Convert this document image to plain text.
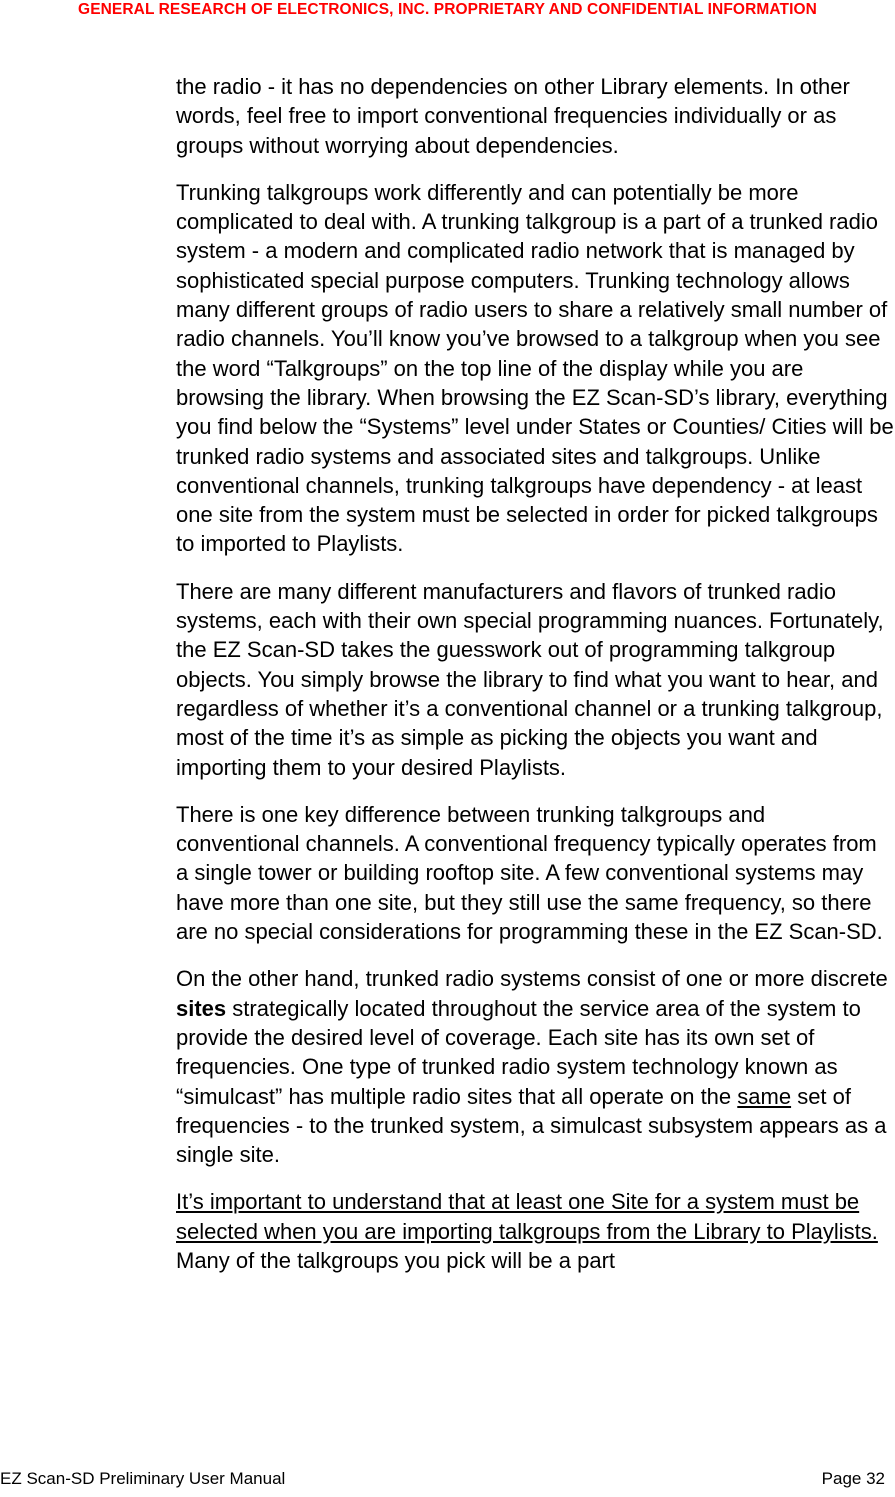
GENERAL RESEARCH OF ELECTRONICS, INC. PROPRIETARY AND CONFIDENTIAL INFORMATION

the radio - it has no dependencies on other Library elements. In other words, feel free to import conventional frequencies individually or as groups without worrying about dependencies.

Trunking talkgroups work differently and can potentially be more complicated to deal with. A trunking talkgroup is a part of a trunked radio system - a modern and complicated radio network that is managed by sophisticated special purpose computers. Trunking technology allows many different groups of radio users to share a relatively small number of radio channels. You’ll know you’ve browsed to a talkgroup when you see the word “Talkgroups” on the top line of the display while you are browsing the library. When browsing the EZ Scan-SD’s library, everything you find below the “Systems” level under States or Counties/ Cities will be trunked radio systems and associated sites and talkgroups. Unlike conventional channels, trunking talkgroups have dependency - at least one site from the system must be selected in order for picked talkgroups to imported to Playlists.

There are many different manufacturers and flavors of trunked radio systems, each with their own special programming nuances. Fortunately, the EZ Scan-SD takes the guesswork out of programming talkgroup objects. You simply browse the library to find what you want to hear, and regardless of whether it’s a conventional channel or a trunking talkgroup, most of the time it’s as simple as picking the objects you want and importing them to your desired Playlists.

There is one key difference between trunking talkgroups and conventional channels. A conventional frequency typically operates from a single tower or building rooftop site. A few conventional systems may have more than one site, but they still use the same frequency, so there are no special considerations for programming these in the EZ Scan-SD.

On the other hand, trunked radio systems consist of one or more discrete sites strategically located throughout the service area of the system to provide the desired level of coverage. Each site has its own set of frequencies. One type of trunked radio system technology known as “simulcast” has multiple radio sites that all operate on the same set of frequencies - to the trunked system, a simulcast subsystem appears as a single site.

It’s important to understand that at least one Site for a system must be selected when you are importing talkgroups from the Library to Playlists. Many of the talkgroups you pick will be a part

EZ Scan-SD Preliminary User Manual	Page 32
